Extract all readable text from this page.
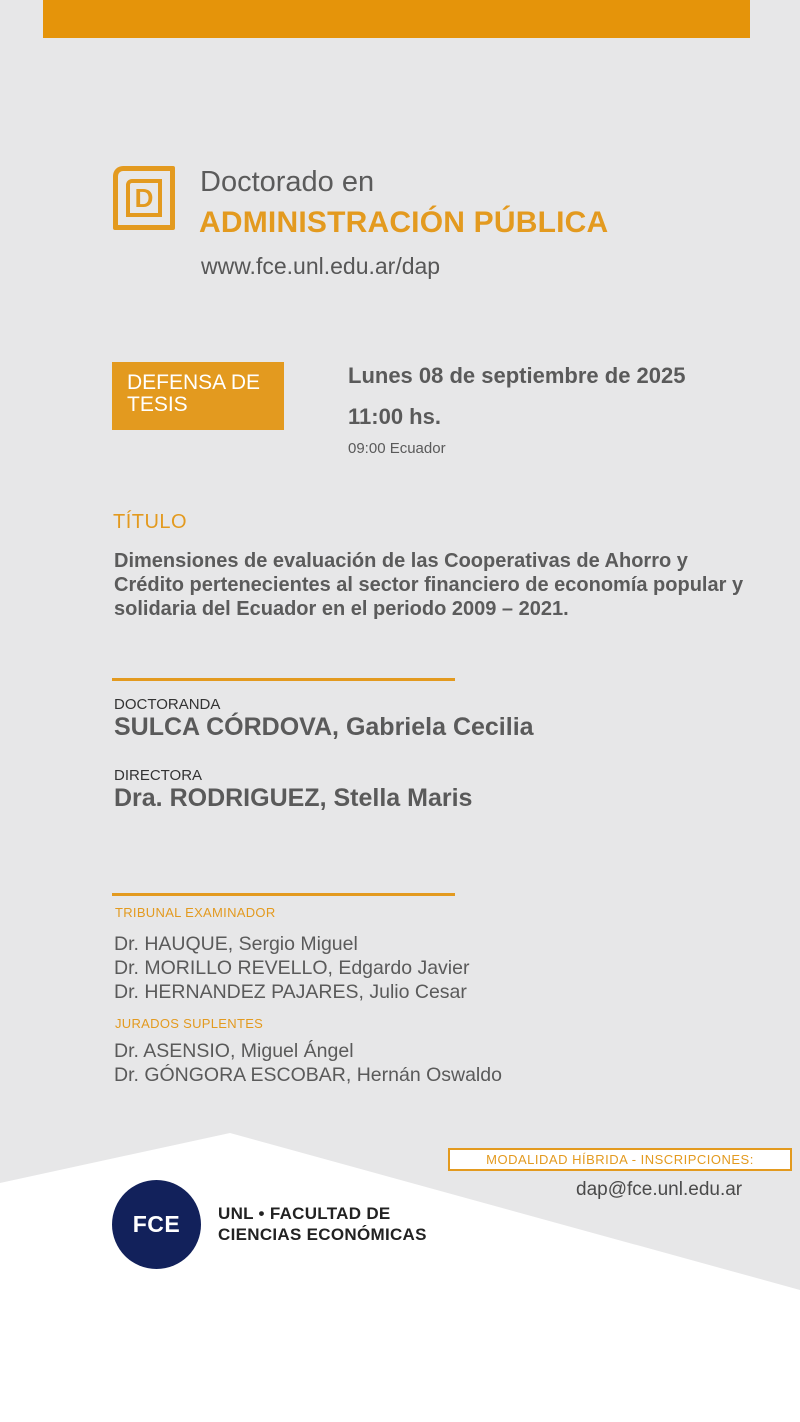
D Doctorado en
ADMINISTRACIÓN PÚBLICA
www.fce.unl.edu.ar/dap
DEFENSA DE TESIS
Lunes 08 de septiembre de 2025
11:00 hs.
09:00 Ecuador
TÍTULO
Dimensiones de evaluación de las Cooperativas de Ahorro y Crédito pertenecientes al sector financiero de economía popular y solidaria del Ecuador en el periodo 2009 – 2021.
DOCTORANDA
SULCA CÓRDOVA, Gabriela Cecilia
DIRECTORA
Dra. RODRIGUEZ, Stella Maris
TRIBUNAL EXAMINADOR
Dr. HAUQUE, Sergio Miguel
Dr. MORILLO REVELLO, Edgardo Javier
Dr. HERNANDEZ PAJARES, Julio Cesar
JURADOS SUPLENTES
Dr. ASENSIO, Miguel Ángel
Dr. GÓNGORA ESCOBAR, Hernán Oswaldo
MODALIDAD HÍBRIDA - INSCRIPCIONES:
dap@fce.unl.edu.ar
FCE	UNL • FACULTAD DE
CIENCIAS ECONÓMICAS
